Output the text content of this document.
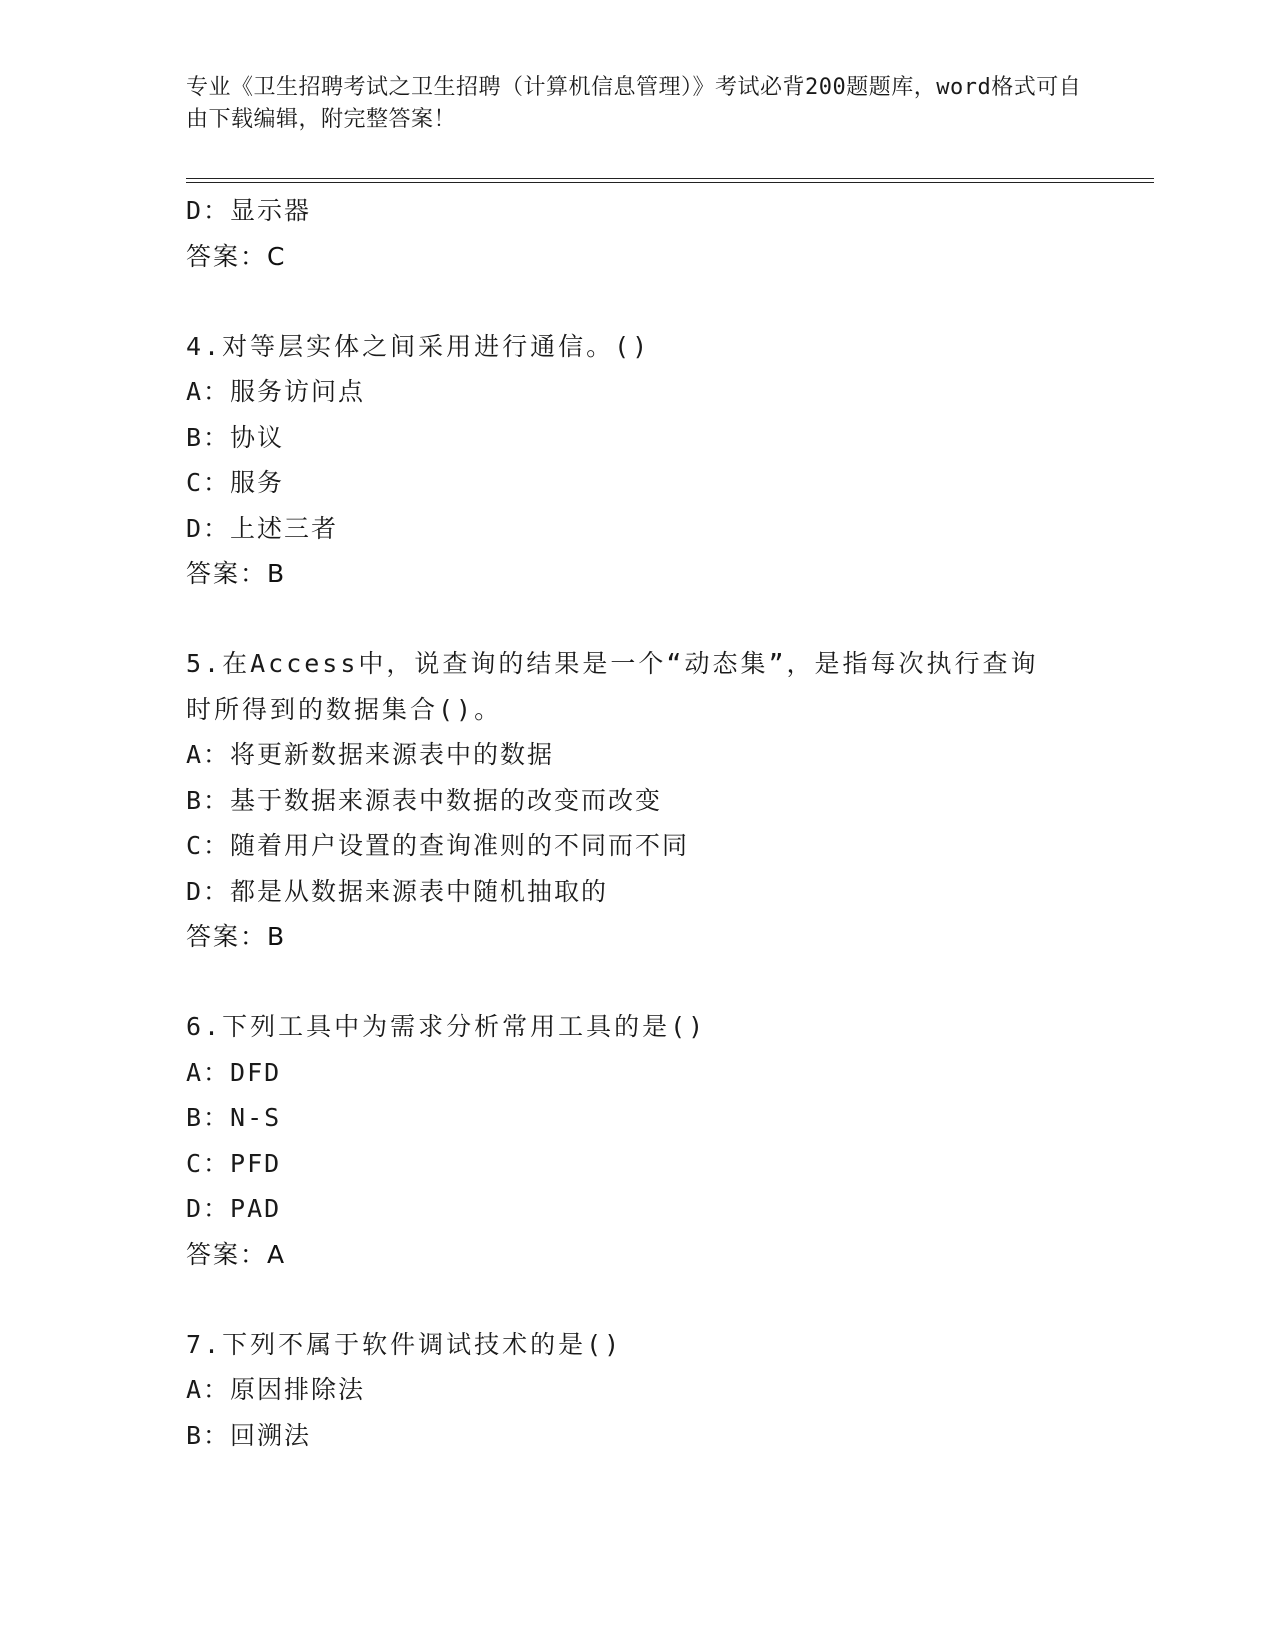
专业《卫生招聘考试之卫生招聘（计算机信息管理）》考试必背200题题库，word格式可自由下载编辑，附完整答案！
D：显示器
答案：C
4.对等层实体之间采用进行通信。()
A：服务访问点
B：协议
C：服务
D：上述三者
答案：B
5.在Access中，说查询的结果是一个“动态集”，是指每次执行查询时所得到的数据集合()。
A：将更新数据来源表中的数据
B：基于数据来源表中数据的改变而改变
C：随着用户设置的查询准则的不同而不同
D：都是从数据来源表中随机抽取的
答案：B
6.下列工具中为需求分析常用工具的是()
A：DFD
B：N-S
C：PFD
D：PAD
答案：A
7.下列不属于软件调试技术的是()
A：原因排除法
B：回溯法
